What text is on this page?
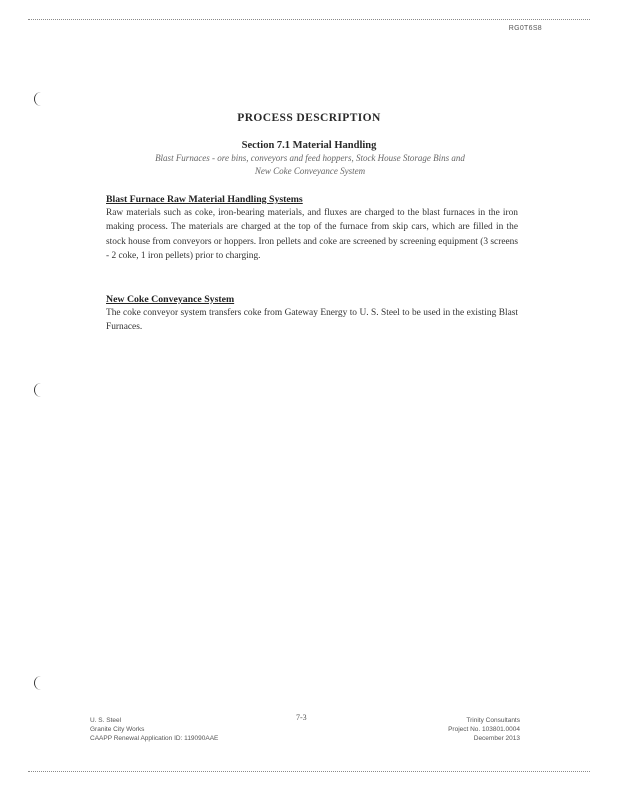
RG0T6S8
PROCESS DESCRIPTION
Section 7.1 Material Handling
Blast Furnaces - ore bins, conveyors and feed hoppers, Stock House Storage Bins and
New Coke Conveyance System
Blast Furnace Raw Material Handling Systems
Raw materials such as coke, iron-bearing materials, and fluxes are charged to the blast furnaces in the iron making process. The materials are charged at the top of the furnace from skip cars, which are filled in the stock house from conveyors or hoppers. Iron pellets and coke are screened by screening equipment (3 screens - 2 coke, 1 iron pellets) prior to charging.
New Coke Conveyance System
The coke conveyor system transfers coke from Gateway Energy to U. S. Steel to be used in the existing Blast Furnaces.
U. S. Steel
Granite City Works
CAAPP Renewal Application ID: 119090AAE
7-3	Trinity Consultants
Project No. 103801.0004
December 2013
